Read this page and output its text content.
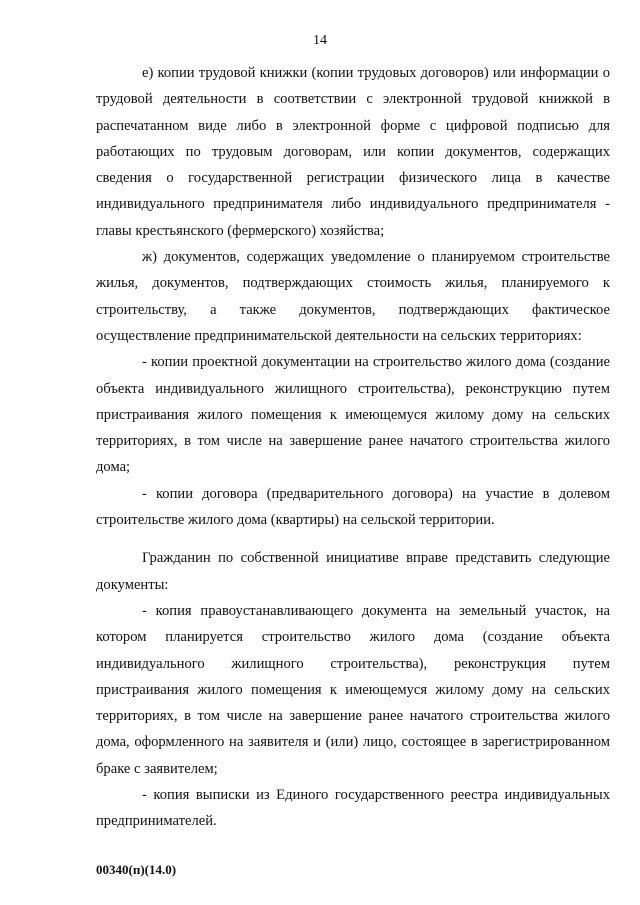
14

е) копии трудовой книжки (копии трудовых договоров) или информации о трудовой деятельности в соответствии с электронной трудовой книжкой в распечатанном виде либо в электронной форме с цифровой подписью для работающих по трудовым договорам, или копии документов, содержащих сведения о государственной регистрации физического лица в качестве индивидуального предпринимателя либо индивидуального предпринимателя - главы крестьянского (фермерского) хозяйства;

ж) документов, содержащих уведомление о планируемом строительстве жилья, документов, подтверждающих стоимость жилья, планируемого к строительству, а также документов, подтверждающих фактическое осуществление предпринимательской деятельности на сельских территориях:

- копии проектной документации на строительство жилого дома (создание объекта индивидуального жилищного строительства), реконструкцию путем пристраивания жилого помещения к имеющемуся жилому дому на сельских территориях, в том числе на завершение ранее начатого строительства жилого дома;

- копии договора (предварительного договора) на участие в долевом строительстве жилого дома (квартиры) на сельской территории.

Гражданин по собственной инициативе вправе представить следующие документы:

- копия правоустанавливающего документа на земельный участок, на котором планируется строительство жилого дома (создание объекта индивидуального жилищного строительства), реконструкция путем пристраивания жилого помещения к имеющемуся жилому дому на сельских территориях, в том числе на завершение ранее начатого строительства жилого дома, оформленного на заявителя и (или) лицо, состоящее в зарегистрированном браке с заявителем;

- копия выписки из Единого государственного реестра индивидуальных предпринимателей.

00340(п)(14.0)
